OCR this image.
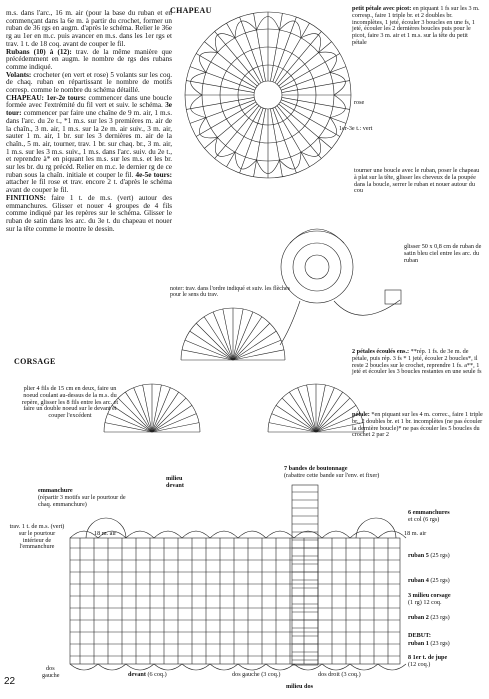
m.s. dans l'arc., 16 m. air (pour la base du ruban et en commençant dans la 6e m. à partir du crochet, former un ruban de 36 rgs en augm. d'après le schéma. Relier le 36e rg au 1er en m.c. puis avancer en m.s. dans les 1er rgs et trav. 1 t. de 18 coq. avant de couper le fil.

Rubans (10) à (12): trav. de la même manière que précédemment en augm. le nombre de rgs des rubans comme indiqué.

Volants: crocheter (en vert et rose) 5 volants sur les coq. de chaq. ruban en répartissant le nombre de motifs corresp. comme le nombre du schéma détaillé.

CHAPEAU: 1er-2e tours: commencer dans une boucle formée avec l'extrémité du fil vert et suiv. le schéma. 3e tour: commencer par faire une chaîne de 9 m. air, 1 m.s. dans l'arc. du 2e t., *1 m.s. sur les 3 premières m. air de la chaîn., 3 m. air, 1 m.s. sur la 2e m. air suiv., 3 m. air, sauter 1 m. air, 1 br. sur les 3 dernières m. air de la chaîn., 5 m. air, tourner, trav. 1 br. sur chaq. br., 3 m. air, 1 m.s. sur les 3 m.s. suiv., 1 m.s. dans l'arc. suiv. du 2e t., et reprendre à* en piquant les m.s. sur les m.s. et les br. sur les br. du rg précéd. Relier en m.c. le dernier rg de ce ruban sous la chaîn. initiale et couper le fil. 4e-5e tours: attacher le fil rose et trav. encore 2 t. d'après le schéma avant de couper le fil.

FINITIONS: faire 1 t. de m.s. (vert) autour des emmanchures. Glisser et nouer 4 groupes de 4 fils comme indiqué par les repères sur le schéma. Glisser le ruban de satin dans les arc. du 3e t. du chapeau et nouer sur la tête comme le montre le dessin.

CHAPEAU
CORSAGE
petit pétale avec picot: en piquant 1 fs sur les 3 m. corresp., faire 1 triple br. et 2 doubles br. incomplètes, 1 jeté, écouler 3 boucles en une fs, 1 jeté, écouler les 2 dernières boucles puis pour le picot, faire 3 m. air et 1 m.s. sur la tête du petit pétale
rose
1er-3e t.: vert
tourner une boucle avec le ruban, poser le chapeau à plat sur la tête, glisser les cheveux de la poupée dans la boucle, serrer le ruban et nouer autour du cou
glisser 50 x 0,8 cm de ruban de satin bleu ciel entre les arc. du ruban
noter: trav. dans l'ordre indiqué et suiv. les flèches pour le sens du trav.
2 pétales écoulés ens.: **rép. 1 fs. de 3e m. de pétale, puis rép. 3 fs * 1 jeté, écouler 2 boucles*, il reste 2 boucles sur le crochet, reprendre 1 fs. a**, 1 jeté et écouler les 3 boucles restantes en une seule fs
pétale: *en piquant sur les 4 m. correc., faire 1 triple br., 2 doubles br. et 1 br. incomplètes (ne pas écouler la dernière boucle)* ne pas écouler les 5 boucles du crochet 2 par 2
plier 4 fils de 15 cm en deux, faire un noeud coulant au-dessus de la m.s. du repère, glisser les 8 fils entre les arc. et faire un double noeud sur le devant et couper l'excédent
7 bandes de boutonnage
(rabattre cette bande sur l'env. et fixer)
milieu devant
emmanchure
(répartir 3 motifs sur le pourtour de chaq. emmanchure)
trav. 1 t. de m.s. (vert) sur le pourtour intérieur de l'emmanchure
18 m. air	18 m. air
6 emmanchures
et col (6 rgs)
ruban 5 (25 rgs)
ruban 4 (25 rgs)
3 milieu corsage
(1 rg) 12 coq.
ruban 2 (23 rgs)
DEBUT:
ruban 1 (23 rgs)
8 1er t. de jupe
(12 coq.)
dos
gauche	devant (6 coq.)	dos gauche (3 coq.)	dos droit (3 coq.)
milieu dos
22
